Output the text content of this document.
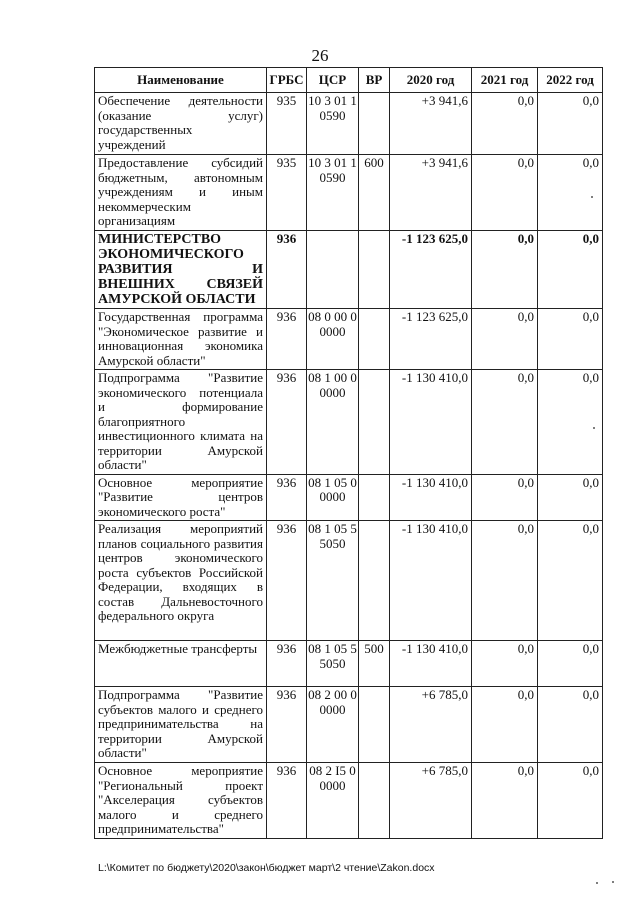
26
Наименование	ГРБС	ЦСР	ВР	2020 год	2021 год	2022 год
Обеспечение деятельности (оказание услуг) государственных учреждений	935	10 3 01 10590		+3 941,6	0,0	0,0
Предоставление субсидий бюджетным, автономным учреждениям и иным некоммерческим организациям	935	10 3 01 10590	600	+3 941,6	0,0	0,0
МИНИСТЕРСТВО ЭКОНОМИЧЕСКОГО РАЗВИТИЯ И ВНЕШНИХ СВЯЗЕЙ АМУРСКОЙ ОБЛАСТИ	936			-1 123 625,0	0,0	0,0
Государственная программа "Экономическое развитие и инновационная экономика Амурской области"	936	08 0 00 00000		-1 123 625,0	0,0	0,0
Подпрограмма "Развитие экономического потенциала и формирование благоприятного инвестиционного климата на территории Амурской области"	936	08 1 00 00000		-1 130 410,0	0,0	0,0
Основное мероприятие "Развитие центров экономического роста"	936	08 1 05 00000		-1 130 410,0	0,0	0,0
Реализация мероприятий планов социального развития центров экономического роста субъектов Российской Федерации, входящих в состав Дальневосточного федерального округа	936	08 1 05 55050		-1 130 410,0	0,0	0,0
Межбюджетные трансферты	936	08 1 05 55050	500	-1 130 410,0	0,0	0,0
Подпрограмма "Развитие субъектов малого и среднего предпринимательства на территории Амурской области"	936	08 2 00 00000		+6 785,0	0,0	0,0
Основное мероприятие "Региональный проект "Акселерация субъектов малого и среднего предпринимательства"	936	08 2 I5 00000		+6 785,0	0,0	0,0
L:\Комитет по бюджету\2020\закон\бюджет март\2 чтение\Zakon.docx
